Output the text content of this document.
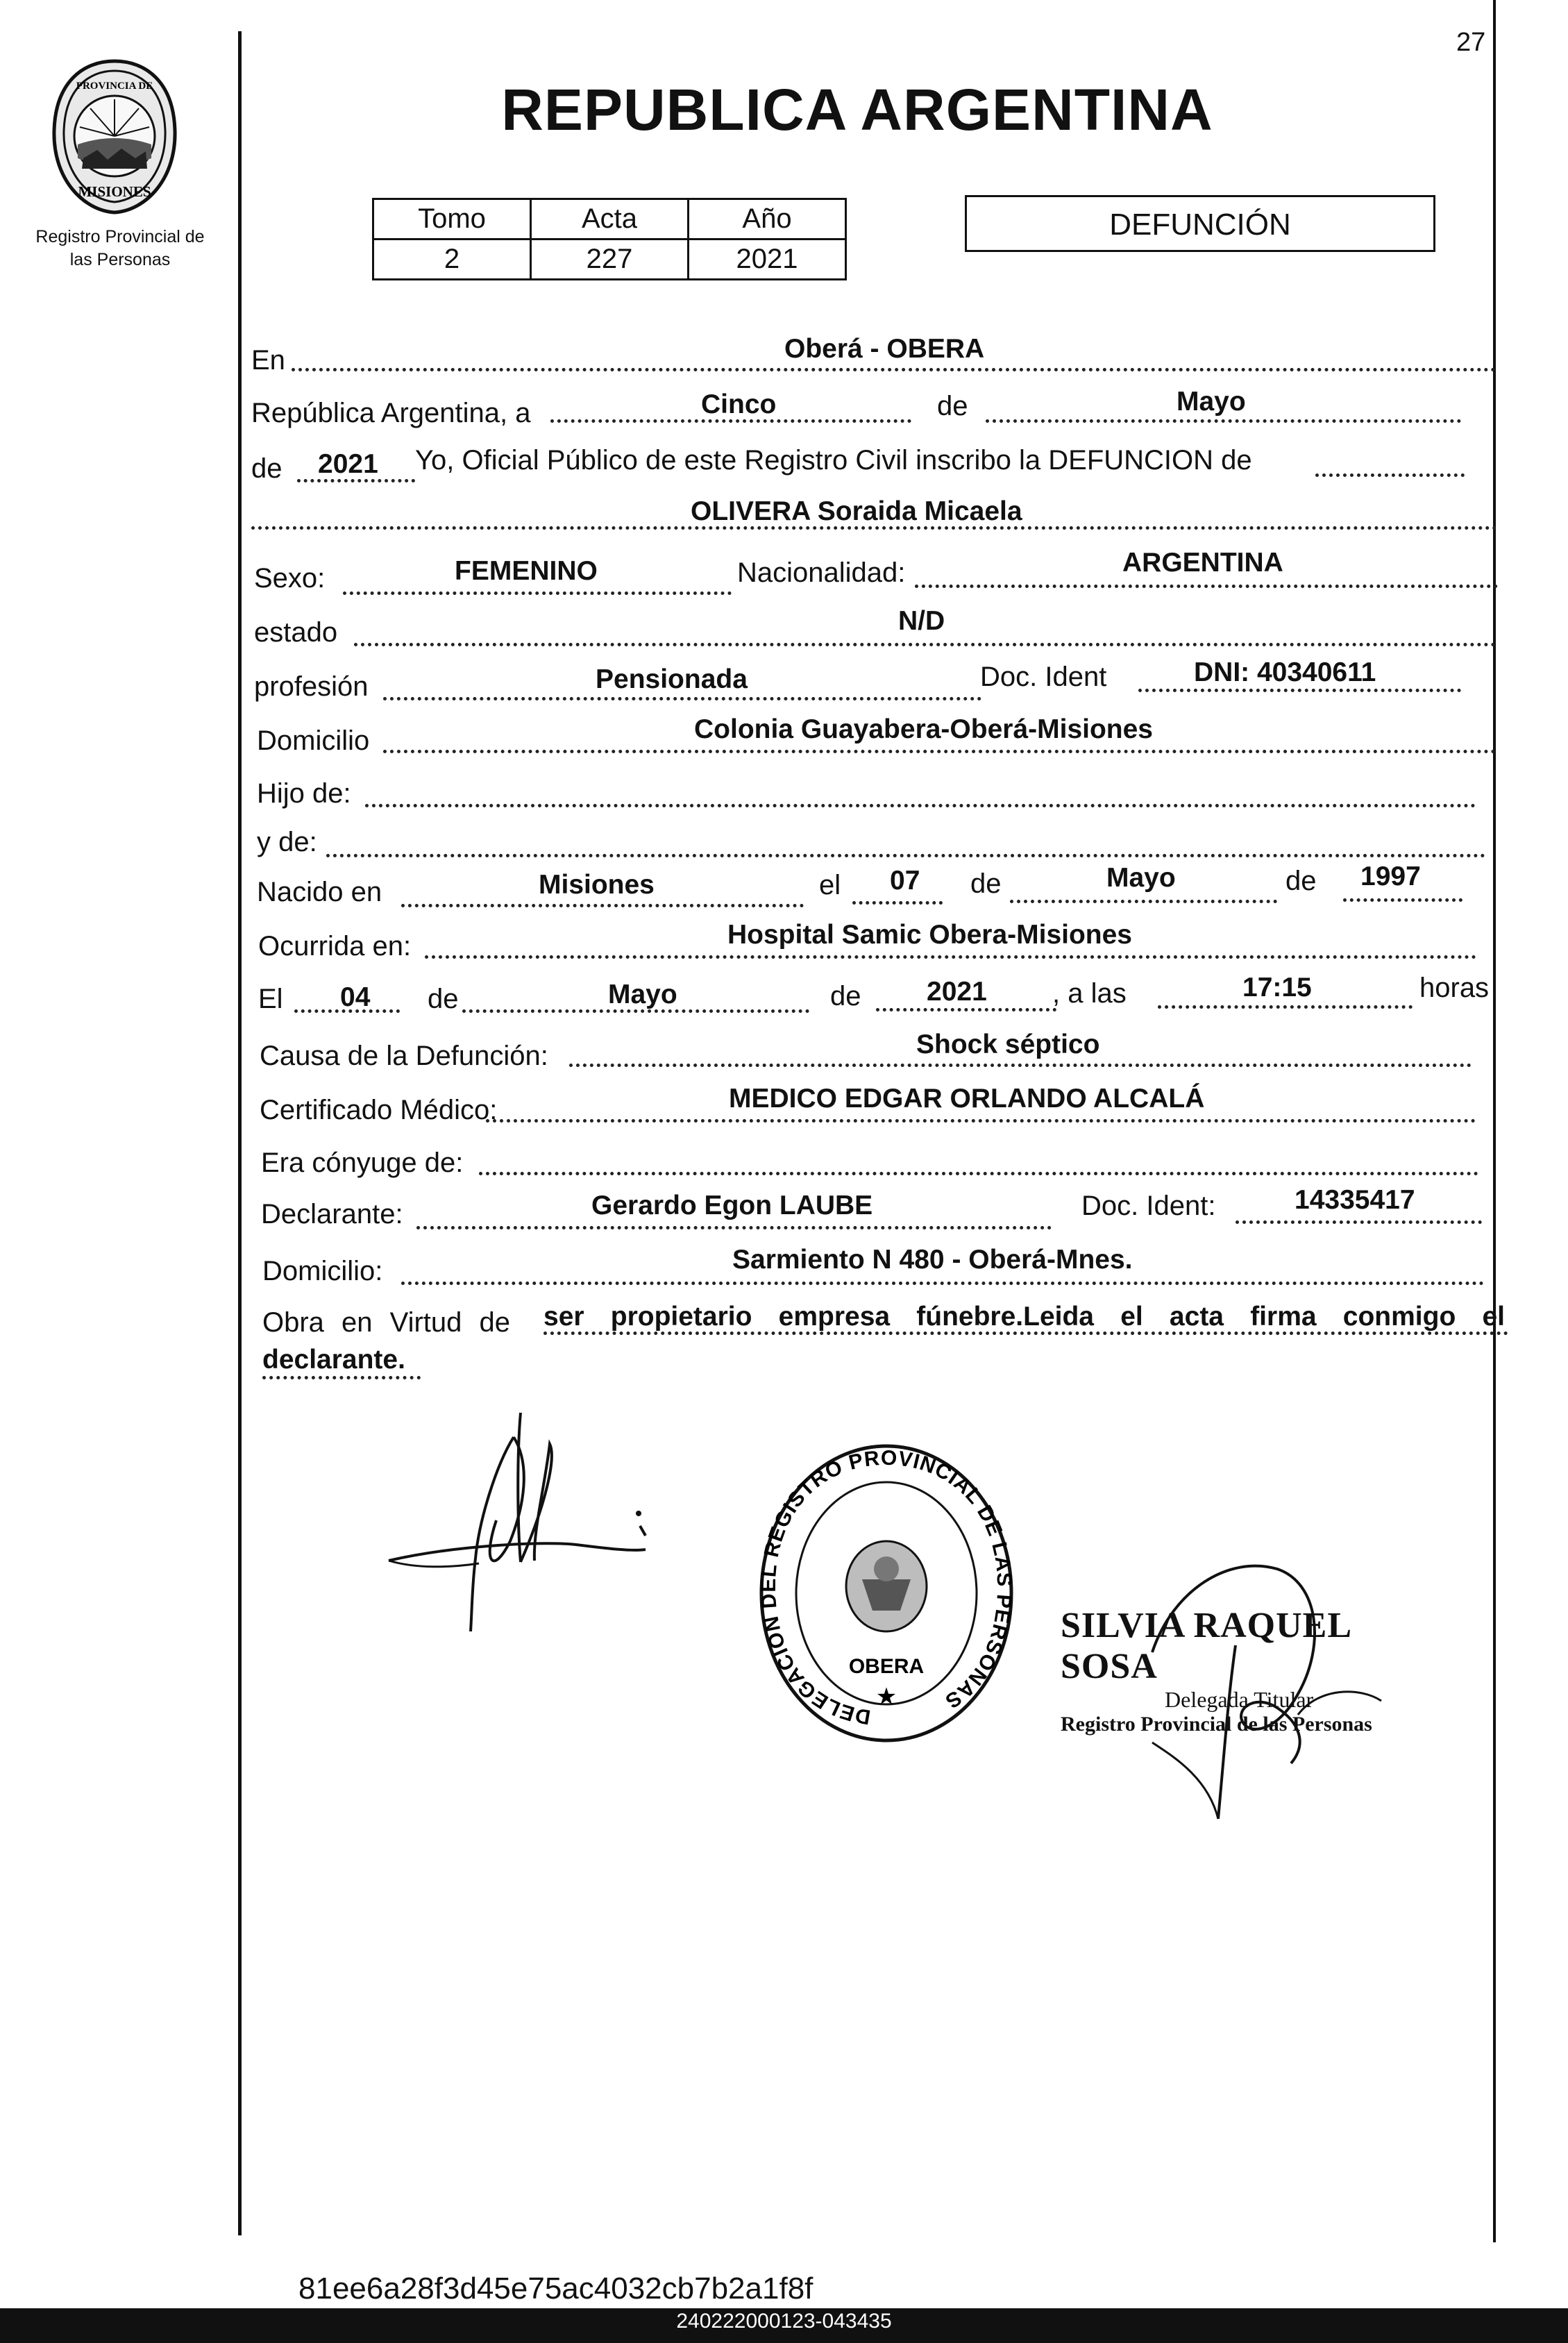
27
PROVINCIA DE
MISIONES
Registro Provincial de
las Personas
REPUBLICA ARGENTINA
Tomo	Acta	Año
2	227	2021
DEFUNCIÓN
En	Oberá - OBERA
República Argentina, a	Cinco	de	Mayo
de 2021 Yo, Oficial Público de este Registro Civil inscribo la DEFUNCION de
OLIVERA Soraida Micaela
Sexo:	FEMENINO	Nacionalidad:	ARGENTINA
estado	N/D
profesión	Pensionada	Doc. Ident	DNI: 40340611
Domicilio	Colonia Guayabera-Oberá-Misiones
Hijo de:
y de:
Nacido en	Misiones	el 07 de	Mayo	de 1997
Ocurrida en:	Hospital Samic Obera-Misiones
El 04 de	Mayo	de 2021 , a las	17:15	horas
Causa de la Defunción:	Shock séptico
Certificado Médico:	MEDICO EDGAR ORLANDO ALCALÁ
Era cónyuge de:
Declarante:	Gerardo Egon LAUBE	Doc. Ident:	14335417
Domicilio:	Sarmiento N 480 - Oberá-Mnes.
Obra en Virtud de ser propietario empresa fúnebre.Leida el acta firma conmigo el
declarante.
DELEGACION DEL REGISTRO PROVINCIAL DE LAS PERSONAS
OBERA
★
SILVIA RAQUEL SOSA
Delegada Titular
Registro Provincial de las Personas
81ee6a28f3d45e75ac4032cb7b2a1f8f
240222000123-043435
